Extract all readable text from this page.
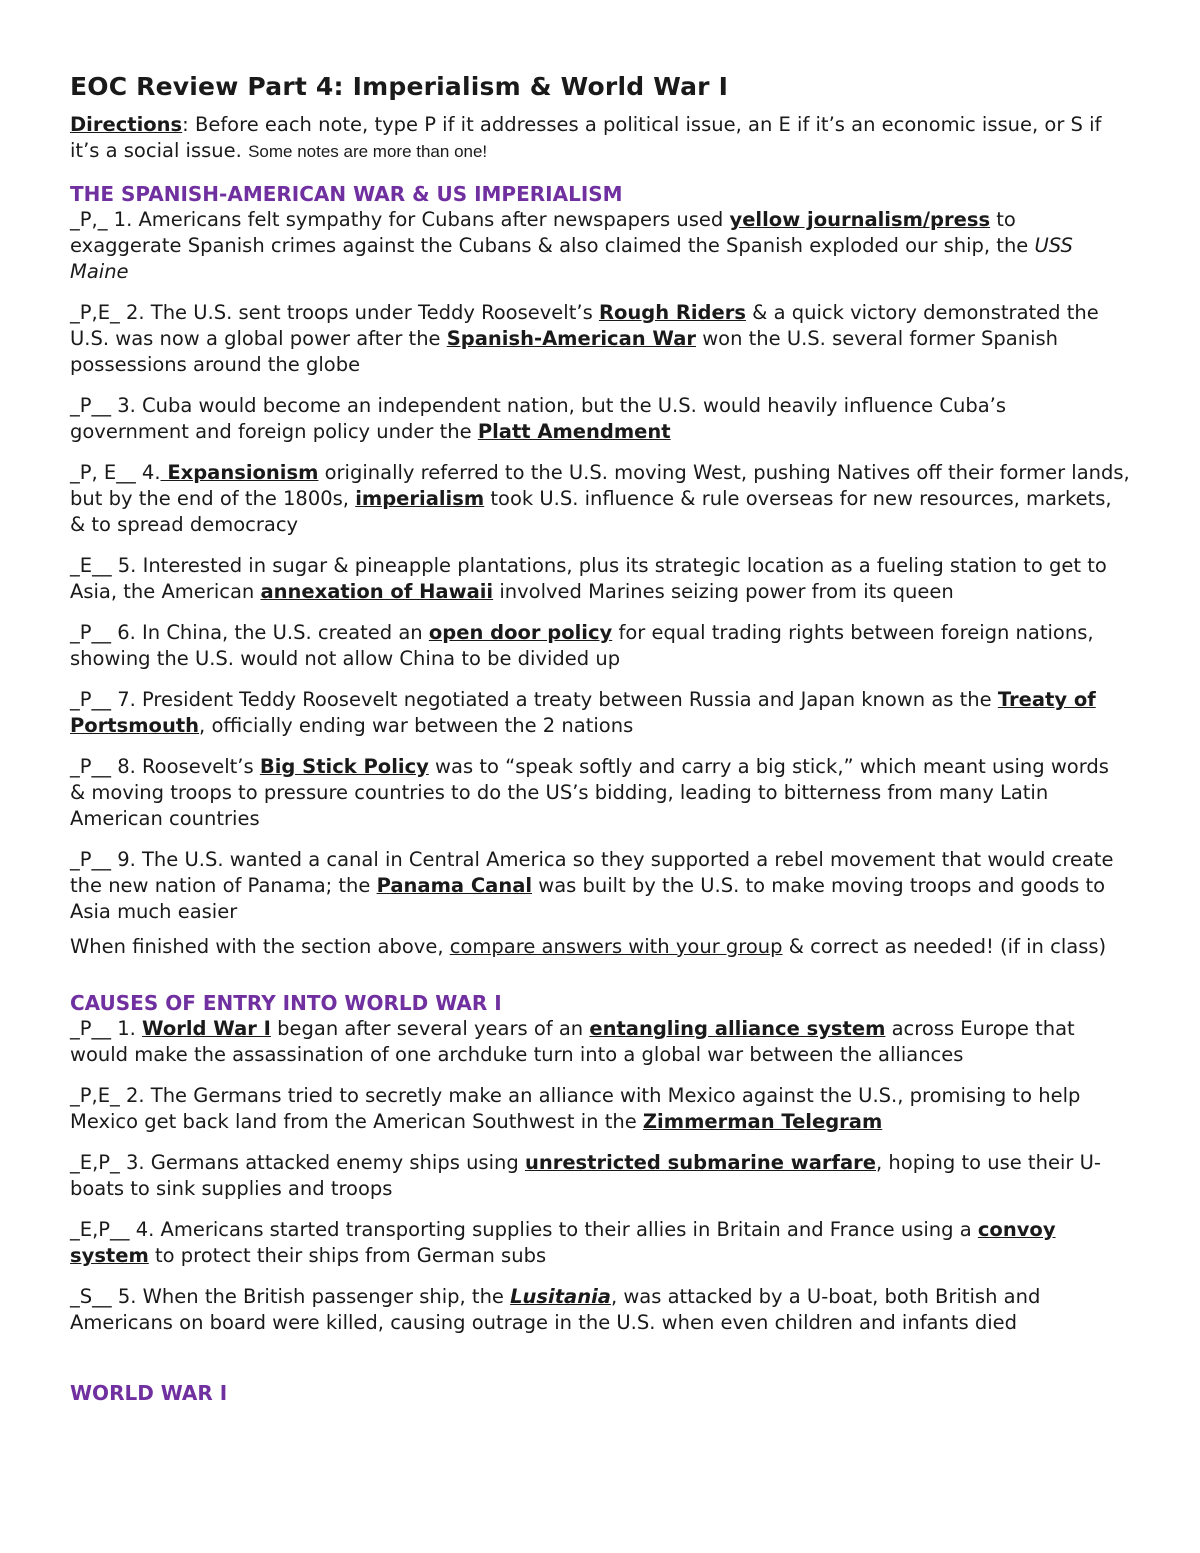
EOC Review Part 4: Imperialism & World War I

Directions: Before each note, type P if it addresses a political issue, an E if it’s an economic issue, or S if it’s a social issue. Some notes are more than one!

THE SPANISH-AMERICAN WAR & US IMPERIALISM

_P,_ 1. Americans felt sympathy for Cubans after newspapers used yellow journalism/press to exaggerate Spanish crimes against the Cubans & also claimed the Spanish exploded our ship, the USS Maine

_P,E_ 2. The U.S. sent troops under Teddy Roosevelt’s Rough Riders & a quick victory demonstrated the U.S. was now a global power after the Spanish-American War won the U.S. several former Spanish possessions around the globe

_P__ 3. Cuba would become an independent nation, but the U.S. would heavily influence Cuba’s government and foreign policy under the Platt Amendment

_P, E__ 4. Expansionism originally referred to the U.S. moving West, pushing Natives off their former lands, but by the end of the 1800s, imperialism took U.S. influence & rule overseas for new resources, markets, & to spread democracy

_E__ 5. Interested in sugar & pineapple plantations, plus its strategic location as a fueling station to get to Asia, the American annexation of Hawaii involved Marines seizing power from its queen

_P__ 6. In China, the U.S. created an open door policy for equal trading rights between foreign nations, showing the U.S. would not allow China to be divided up

_P__ 7. President Teddy Roosevelt negotiated a treaty between Russia and Japan known as the Treaty of Portsmouth, officially ending war between the 2 nations

_P__ 8. Roosevelt’s Big Stick Policy was to “speak softly and carry a big stick,” which meant using words & moving troops to pressure countries to do the US’s bidding, leading to bitterness from many Latin American countries

_P__ 9. The U.S. wanted a canal in Central America so they supported a rebel movement that would create the new nation of Panama; the Panama Canal was built by the U.S. to make moving troops and goods to Asia much easier

When finished with the section above, compare answers with your group & correct as needed! (if in class)

CAUSES OF ENTRY INTO WORLD WAR I

_P__ 1. World War I began after several years of an entangling alliance system across Europe that would make the assassination of one archduke turn into a global war between the alliances

_P,E_ 2. The Germans tried to secretly make an alliance with Mexico against the U.S., promising to help Mexico get back land from the American Southwest in the Zimmerman Telegram

_E,P_ 3. Germans attacked enemy ships using unrestricted submarine warfare, hoping to use their U-boats to sink supplies and troops

_E,P__ 4. Americans started transporting supplies to their allies in Britain and France using a convoy system to protect their ships from German subs

_S__ 5. When the British passenger ship, the Lusitania, was attacked by a U-boat, both British and Americans on board were killed, causing outrage in the U.S. when even children and infants died

WORLD WAR I
